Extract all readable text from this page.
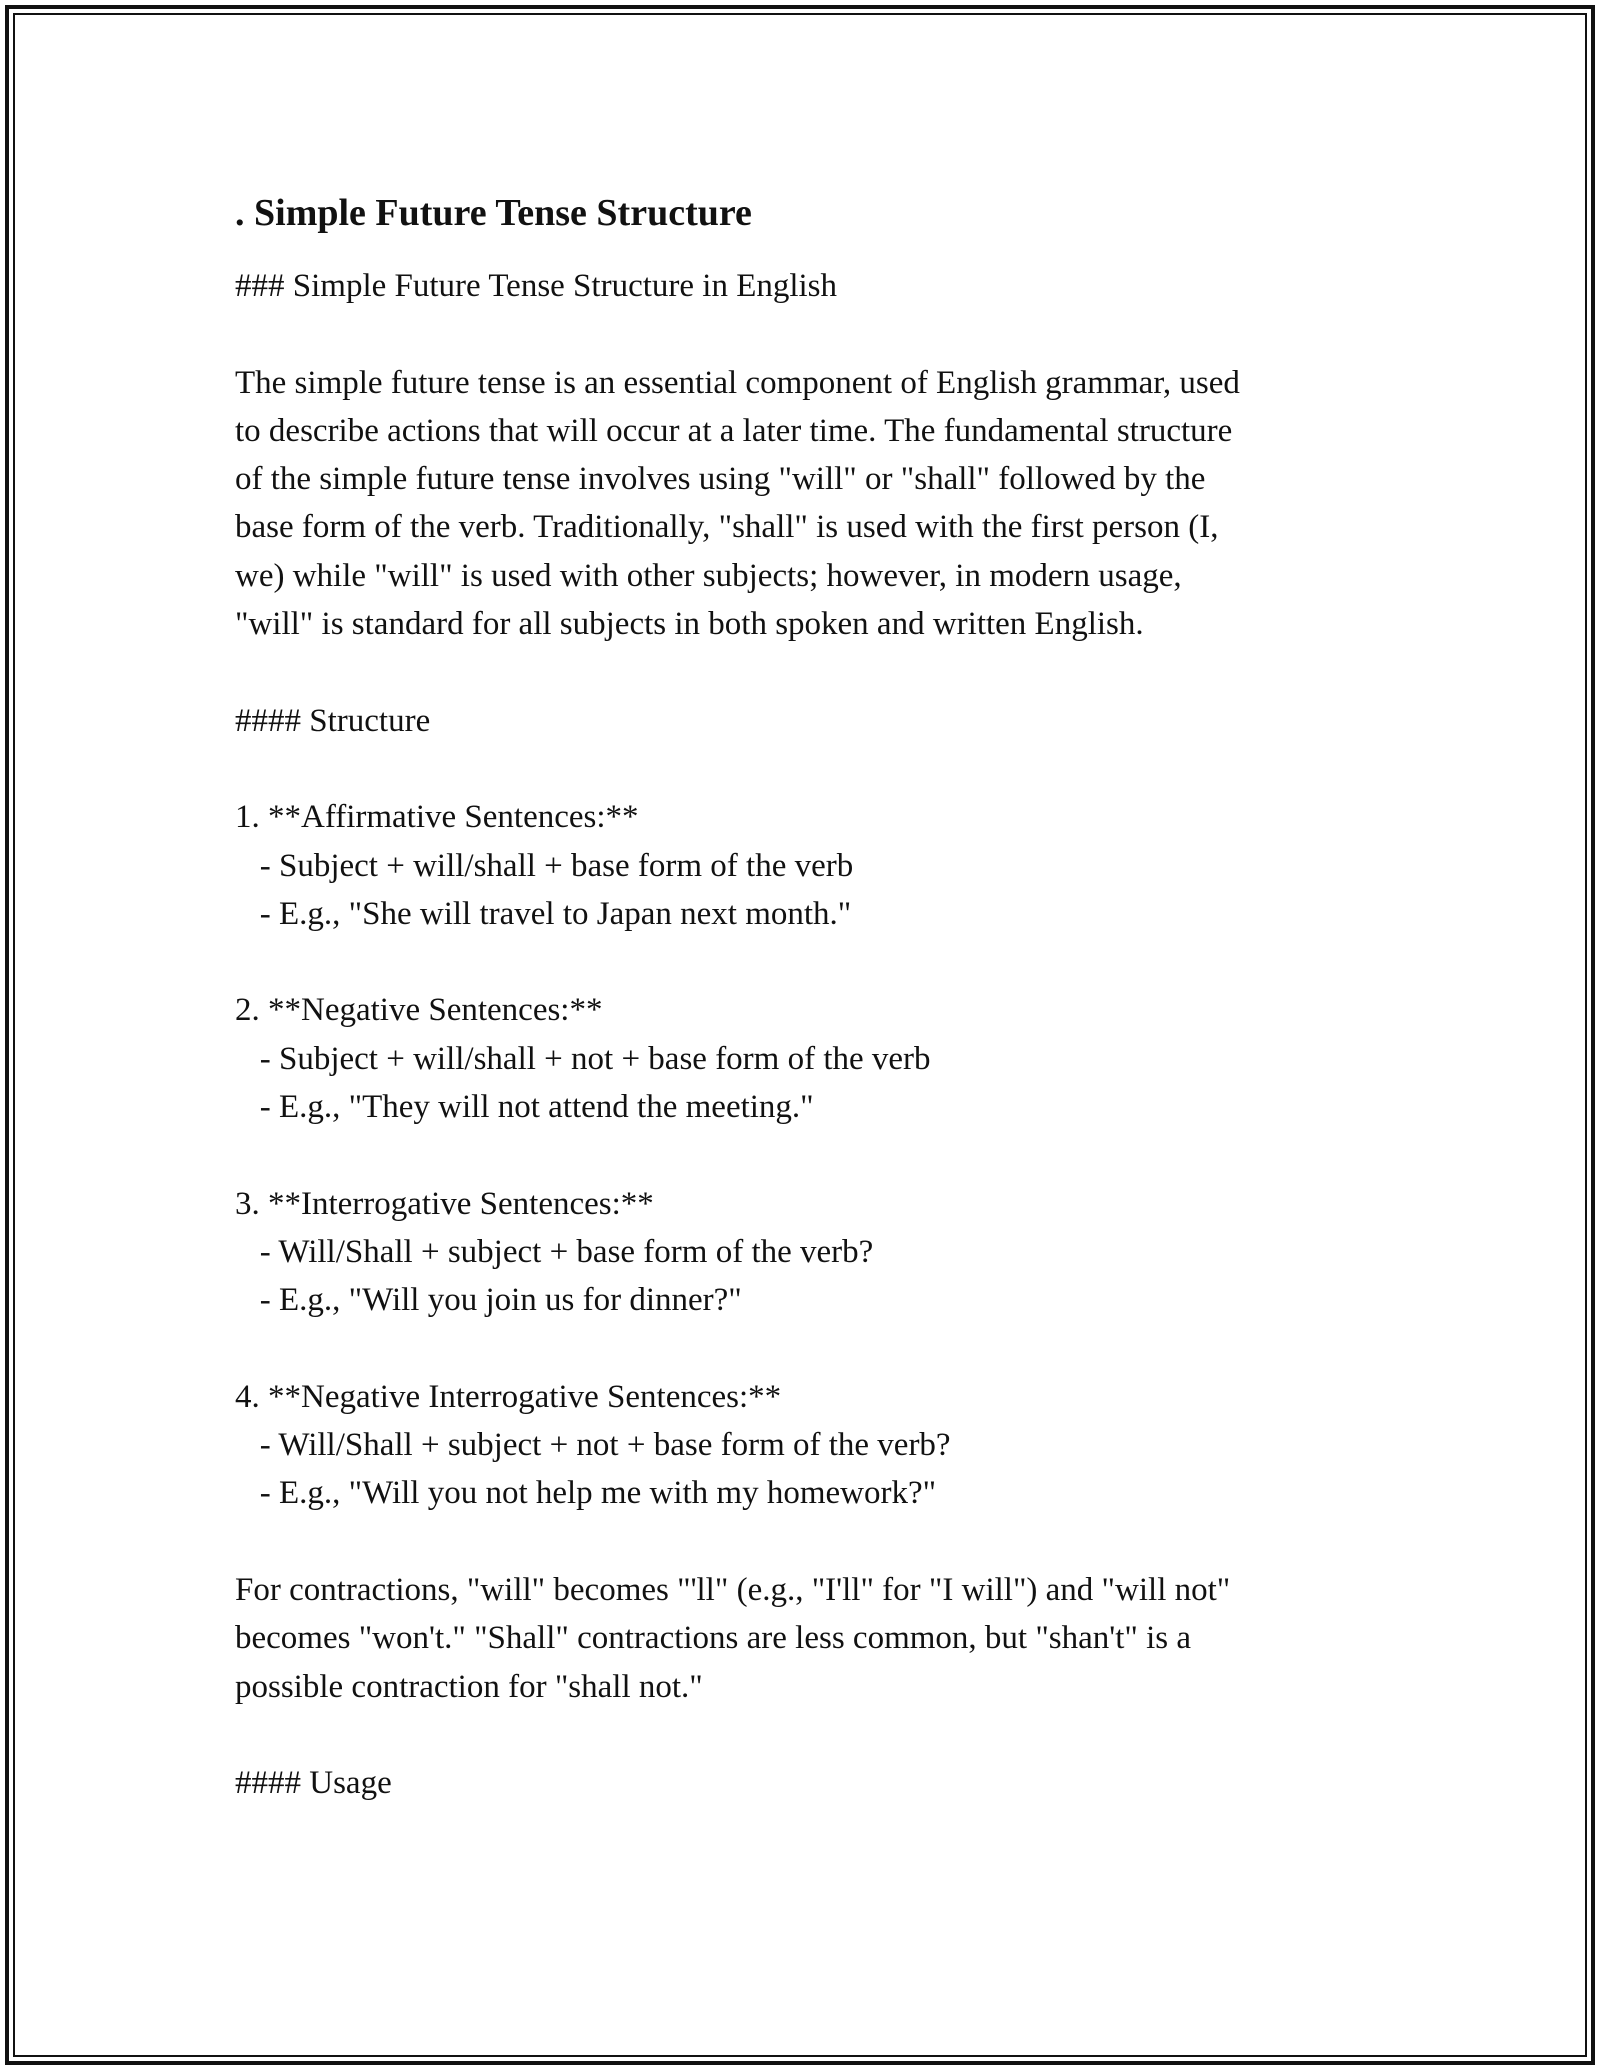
. Simple Future Tense Structure

### Simple Future Tense Structure in English

The simple future tense is an essential component of English grammar, used
to describe actions that will occur at a later time. The fundamental structure
of the simple future tense involves using "will" or "shall" followed by the
base form of the verb. Traditionally, "shall" is used with the first person (I,
we) while "will" is used with other subjects; however, in modern usage,
"will" is standard for all subjects in both spoken and written English.

#### Structure

1. **Affirmative Sentences:**

- Subject + will/shall + base form of the verb

- E.g., "She will travel to Japan next month."

2. **Negative Sentences:**

- Subject + will/shall + not + base form of the verb

- E.g., "They will not attend the meeting."

3. **Interrogative Sentences:**

- Will/Shall + subject + base form of the verb?

- E.g., "Will you join us for dinner?"

4. **Negative Interrogative Sentences:**

- Will/Shall + subject + not + base form of the verb?

- E.g., "Will you not help me with my homework?"

For contractions, "will" becomes "'ll" (e.g., "I'll" for "I will") and "will not"
becomes "won't." "Shall" contractions are less common, but "shan't" is a
possible contraction for "shall not."

#### Usage
